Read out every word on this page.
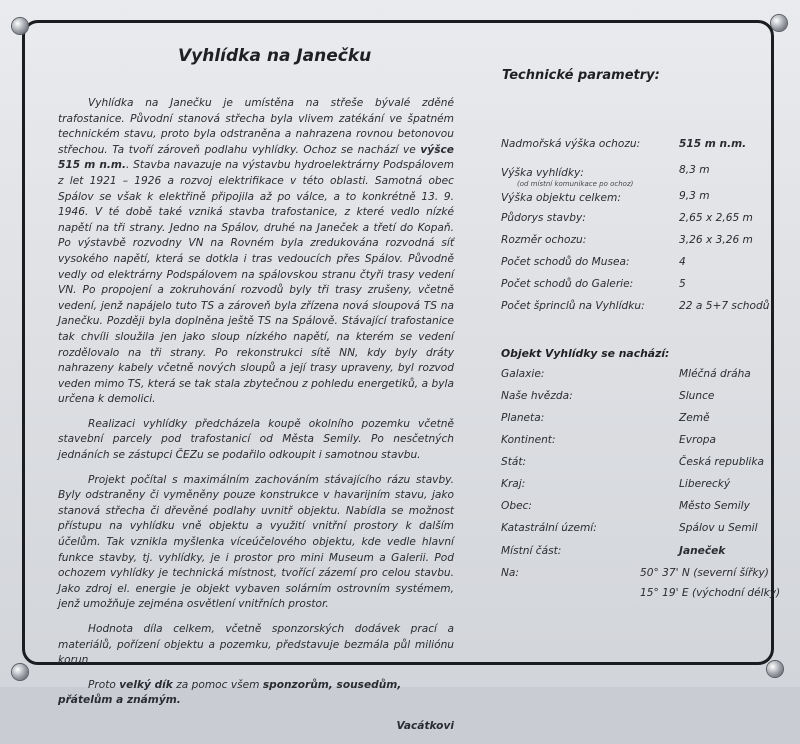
Vyhlídka na Janečku

Vyhlídka na Janečku je umístěna na střeše bývalé zděné trafostanice. Původní stanová střecha byla vlivem zatékání ve špatném technickém stavu, proto byla odstraněna a nahrazena rovnou betonovou střechou. Ta tvoří zároveň podlahu vyhlídky. Ochoz se nachází ve výšce 515 m n.m.. Stavba navazuje na výstavbu hydroelektrárny Podspálovem z let 1921 – 1926 a rozvoj elektrifikace v této oblasti. Samotná obec Spálov se však k elektřině připojila až po válce, a to konkrétně 13. 9. 1946. V té době také vzniká stavba trafostanice, z které vedlo nízké napětí na tři strany. Jedno na Spálov, druhé na Janeček a třetí do Kopaň. Po výstavbě rozvodny VN na Rovném byla zredukována rozvodná síť vysokého napětí, která se dotkla i tras vedoucích přes Spálov. Původně vedly od elektrárny Podspálovem na spálovskou stranu čtyři trasy vedení VN. Po propojení a zokruhování rozvodů byly tři trasy zrušeny, včetně vedení, jenž napájelo tuto TS a zároveň byla zřízena nová sloupová TS na Janečku. Později byla doplněna ještě TS na Spálově. Stávající trafostanice tak chvíli sloužila jen jako sloup nízkého napětí, na kterém se vedení rozdělovalo na tři strany. Po rekonstrukci sítě NN, kdy byly dráty nahrazeny kabely včetně nových sloupů a její trasy upraveny, byl rozvod veden mimo TS, která se tak stala zbytečnou z pohledu energetiků, a byla určena k demolici.

Realizaci vyhlídky předcházela koupě okolního pozemku včetně stavební parcely pod trafostanicí od Města Semily. Po nesčetných jednáních se zástupci ČEZu se podařilo odkoupit i samotnou stavbu.

Projekt počítal s maximálním zachováním stávajícího rázu stavby. Byly odstraněny či vyměněny pouze konstrukce v havarijním stavu, jako stanová střecha či dřevěné podlahy uvnitř objektu. Nabídla se možnost přístupu na vyhlídku vně objektu a využití vnitřní prostory k dalším účelům. Tak vznikla myšlenka víceúčelového objektu, kde vedle hlavní funkce stavby, tj. vyhlídky, je i prostor pro mini Museum a Galerii. Pod ochozem vyhlídky je technická místnost, tvořící zázemí pro celou stavbu. Jako zdroj el. energie je objekt vybaven solárním ostrovním systémem, jenž umožňuje zejména osvětlení vnitřních prostor.

Hodnota díla celkem, včetně sponzorských dodávek prací a materiálů, pořízení objektu a pozemku, představuje bezmála půl miliónu korun

Proto velký dík za pomoc všem sponzorům, sousedům, přátelům a známým.

Vacátkovi

Technické parametry:
Nadmořská výška ochozu:	515 m n.m.
Výška vyhlídky:	8,3 m
(od místní komunikace po ochoz)
Výška objektu celkem:	9,3 m
Půdorys stavby:	2,65 x 2,65 m
Rozměr ochozu:	3,26 x 3,26 m
Počet schodů do Musea:	4
Počet schodů do Galerie:	5
Počet šprinclů na Vyhlídku:	22 a 5+7 schodů
Objekt Vyhlídky se nachází:
Galaxie:	Mléčná dráha
Naše hvězda:	Slunce
Planeta:	Země
Kontinent:	Evropa
Stát:	Česká republika
Kraj:	Liberecký
Obec:	Město Semily
Katastrální území:	Spálov u Semil
Místní část:	Janeček
Na:	50° 37' N (severní šířky)
15° 19' E (východní délky)
